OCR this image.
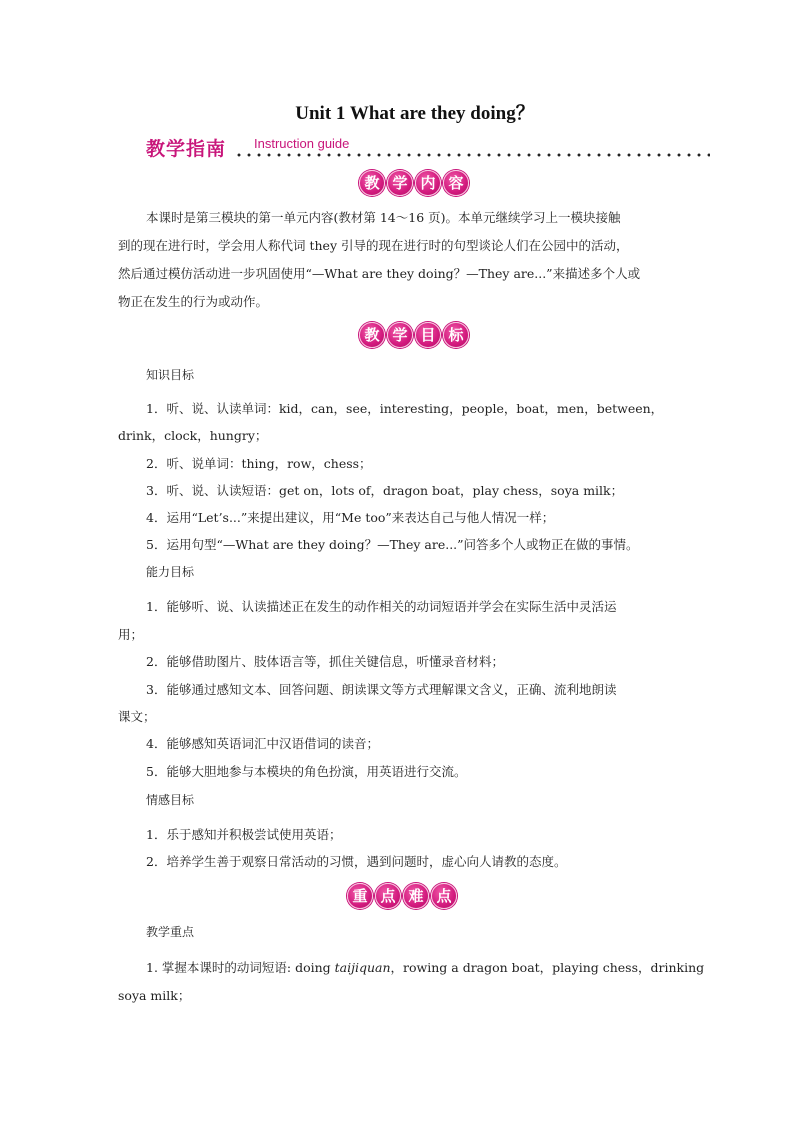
Unit 1 What are they doing？
教学指南 Instruction guide
教 学 内 容
本课时是第三模块的第一单元内容(教材第 14～16 页)。本单元继续学习上一模块接触
到的现在进行时，学会用人称代词 they 引导的现在进行时的句型谈论人们在公园中的活动，
然后通过模仿活动进一步巩固使用“—What are they doing？—They are...”来描述多个人或
物正在发生的行为或动作。
教 学 目 标
知识目标
1．听、说、认读单词：kid，can，see，interesting，people，boat，men，between，
drink，clock，hungry；
2．听、说单词：thing，row，chess；
3．听、说、认读短语：get on，lots of，dragon boat，play chess，soya milk；
4．运用“Let’s...”来提出建议，用“Me too”来表达自己与他人情况一样；
5．运用句型“—What are they doing？—They are...”问答多个人或物正在做的事情。
能力目标
1．能够听、说、认读描述正在发生的动作相关的动词短语并学会在实际生活中灵活运
用；
2．能够借助图片、肢体语言等，抓住关键信息，听懂录音材料；
3．能够通过感知文本、回答问题、朗读课文等方式理解课文含义，正确、流利地朗读
课文；
4．能够感知英语词汇中汉语借词的读音；
5．能够大胆地参与本模块的角色扮演，用英语进行交流。
情感目标
1．乐于感知并积极尝试使用英语；
2．培养学生善于观察日常活动的习惯，遇到问题时，虚心向人请教的态度。
重 点 难 点
教学重点
1. 掌握本课时的动词短语: doing taijiquan，rowing a dragon boat，playing chess，drinking
soya milk；
